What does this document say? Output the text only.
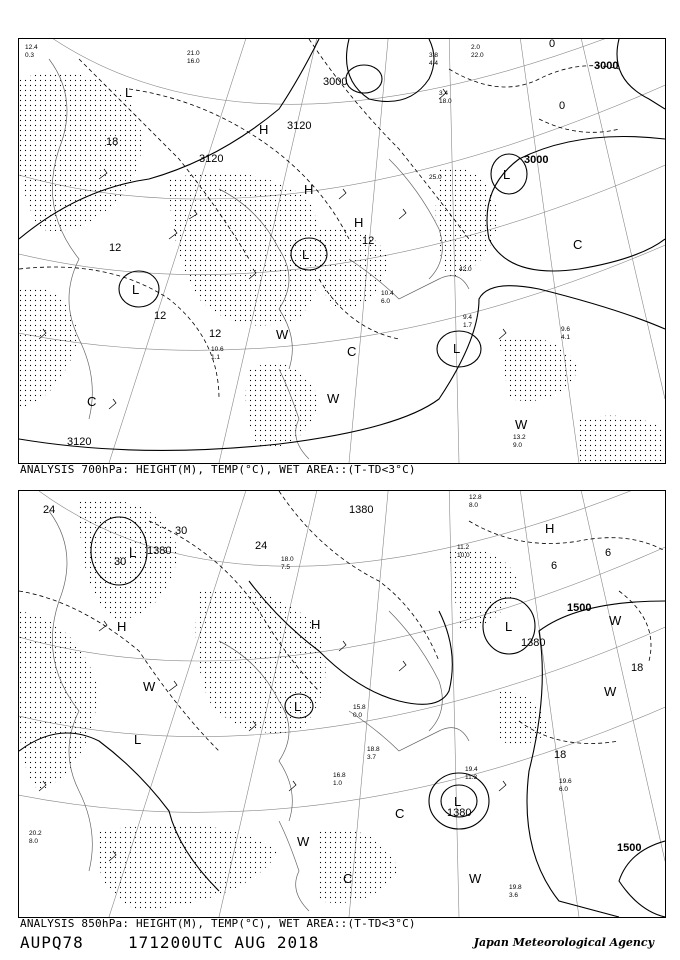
3000
3000
3000
3120
3120
3120
18
12
12
12
12
0
0
H
H
H
L
L
L
L
L
C
C
C
W
W
W
3.8
4.4
9.4
1.7
9.6
4.1
13.2
9.0
10.4
6.0
10.6
1.1
21.0
16.0
3.4
18.0
12.4
0.3
2.0
22.0
25.0
42.0
ANALYSIS 700hPa: HEIGHT(M), TEMP(°C), WET AREA::(T-TD<3°C)
1380
1380
1380
1380
1500
1500
24
24
30
30
18
18
6
6
H	H
H
L
L
L
L
L
C
C
W	W
W
W
W
19.4
11.3
19.6
6.0
19.8
3.6
16.8
1.0
18.8
3.7
15.8
0.0
12.8
8.0
20.2
8.0
18.0
7.5
11.2
10.0
ANALYSIS 850hPa: HEIGHT(M), TEMP(°C), WET AREA::(T-TD<3°C)
AUPQ78	171200UTC AUG 2018	Japan Meteorological Agency
